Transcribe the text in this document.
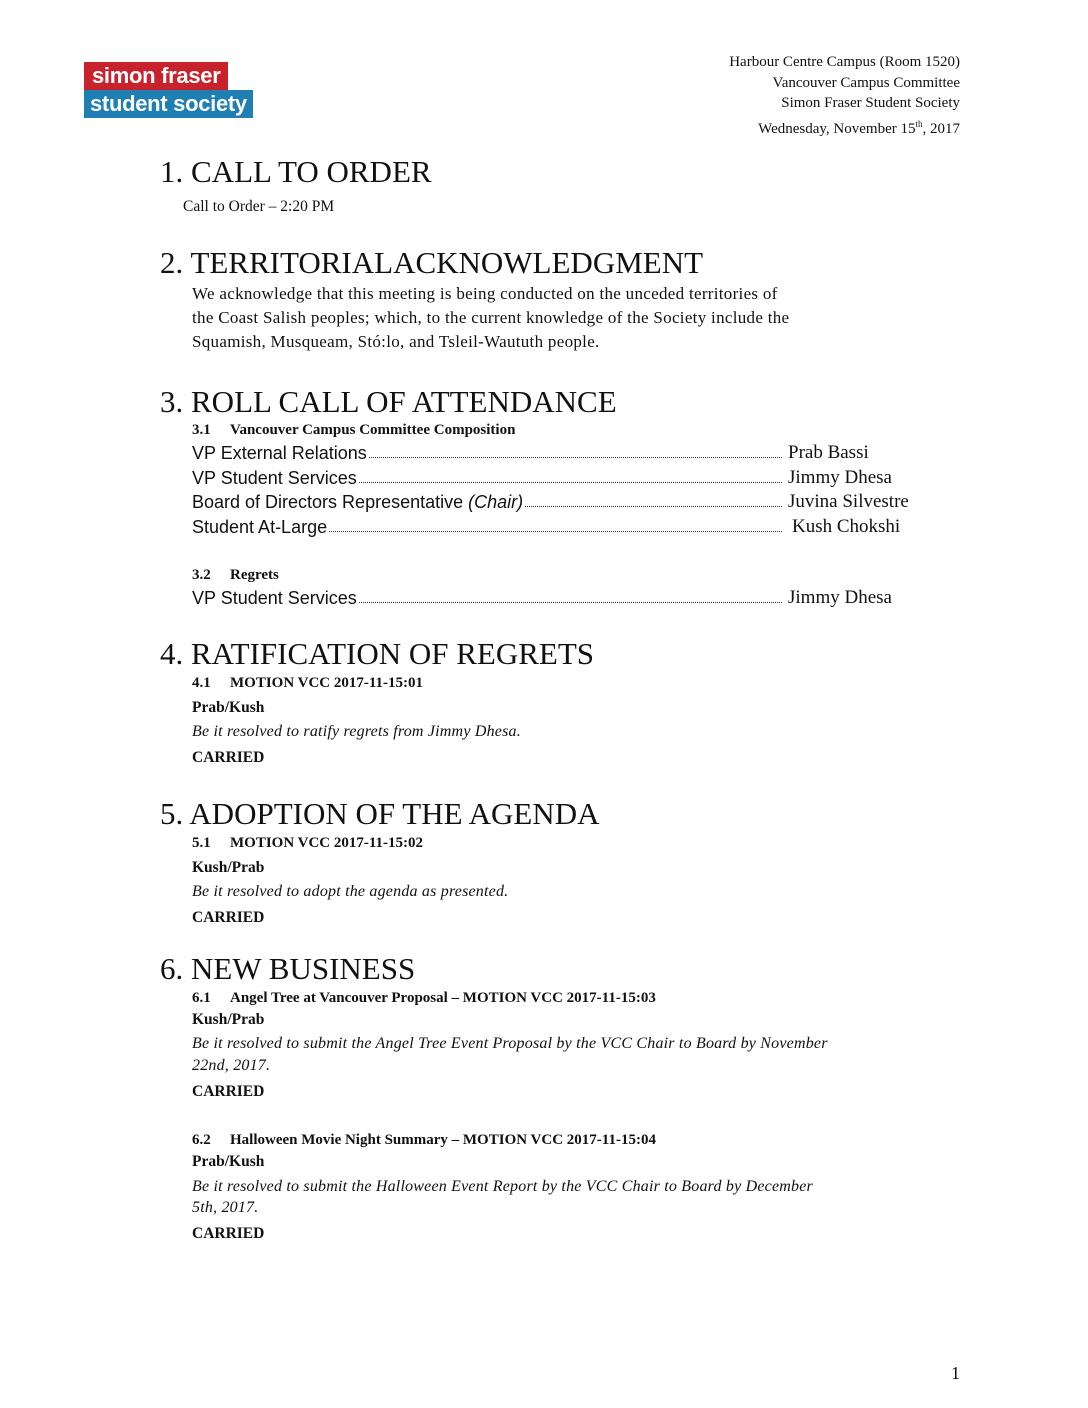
simon fraser
student society
Harbour Centre Campus (Room 1520)
Vancouver Campus Committee
Simon Fraser Student Society
Wednesday, November 15th, 2017
1. CALL TO ORDER
Call to Order – 2:20 PM
2. TERRITORIALACKNOWLEDGMENT
We acknowledge that this meeting is being conducted on the unceded territories of
the Coast Salish peoples; which, to the current knowledge of the Society include the
Squamish, Musqueam, Stó:lo, and Tsleil-Waututh people.
3. ROLL CALL OF ATTENDANCE
3.1 Vancouver Campus Committee Composition
VP External Relations	Prab Bassi
VP Student Services	Jimmy Dhesa
Board of Directors Representative (Chair)	Juvina Silvestre
Student At-Large	Kush Chokshi
3.2 Regrets
VP Student Services	Jimmy Dhesa
4. RATIFICATION OF REGRETS
4.1 MOTION VCC 2017-11-15:01
Prab/Kush
Be it resolved to ratify regrets from Jimmy Dhesa.
CARRIED
5. ADOPTION OF THE AGENDA
5.1 MOTION VCC 2017-11-15:02
Kush/Prab
Be it resolved to adopt the agenda as presented.
CARRIED
6. NEW BUSINESS
6.1 Angel Tree at Vancouver Proposal – MOTION VCC 2017-11-15:03
Kush/Prab
Be it resolved to submit the Angel Tree Event Proposal by the VCC Chair to Board by November
22nd, 2017.
CARRIED
6.2 Halloween Movie Night Summary – MOTION VCC 2017-11-15:04
Prab/Kush
Be it resolved to submit the Halloween Event Report by the VCC Chair to Board by December
5th, 2017.
CARRIED
1
